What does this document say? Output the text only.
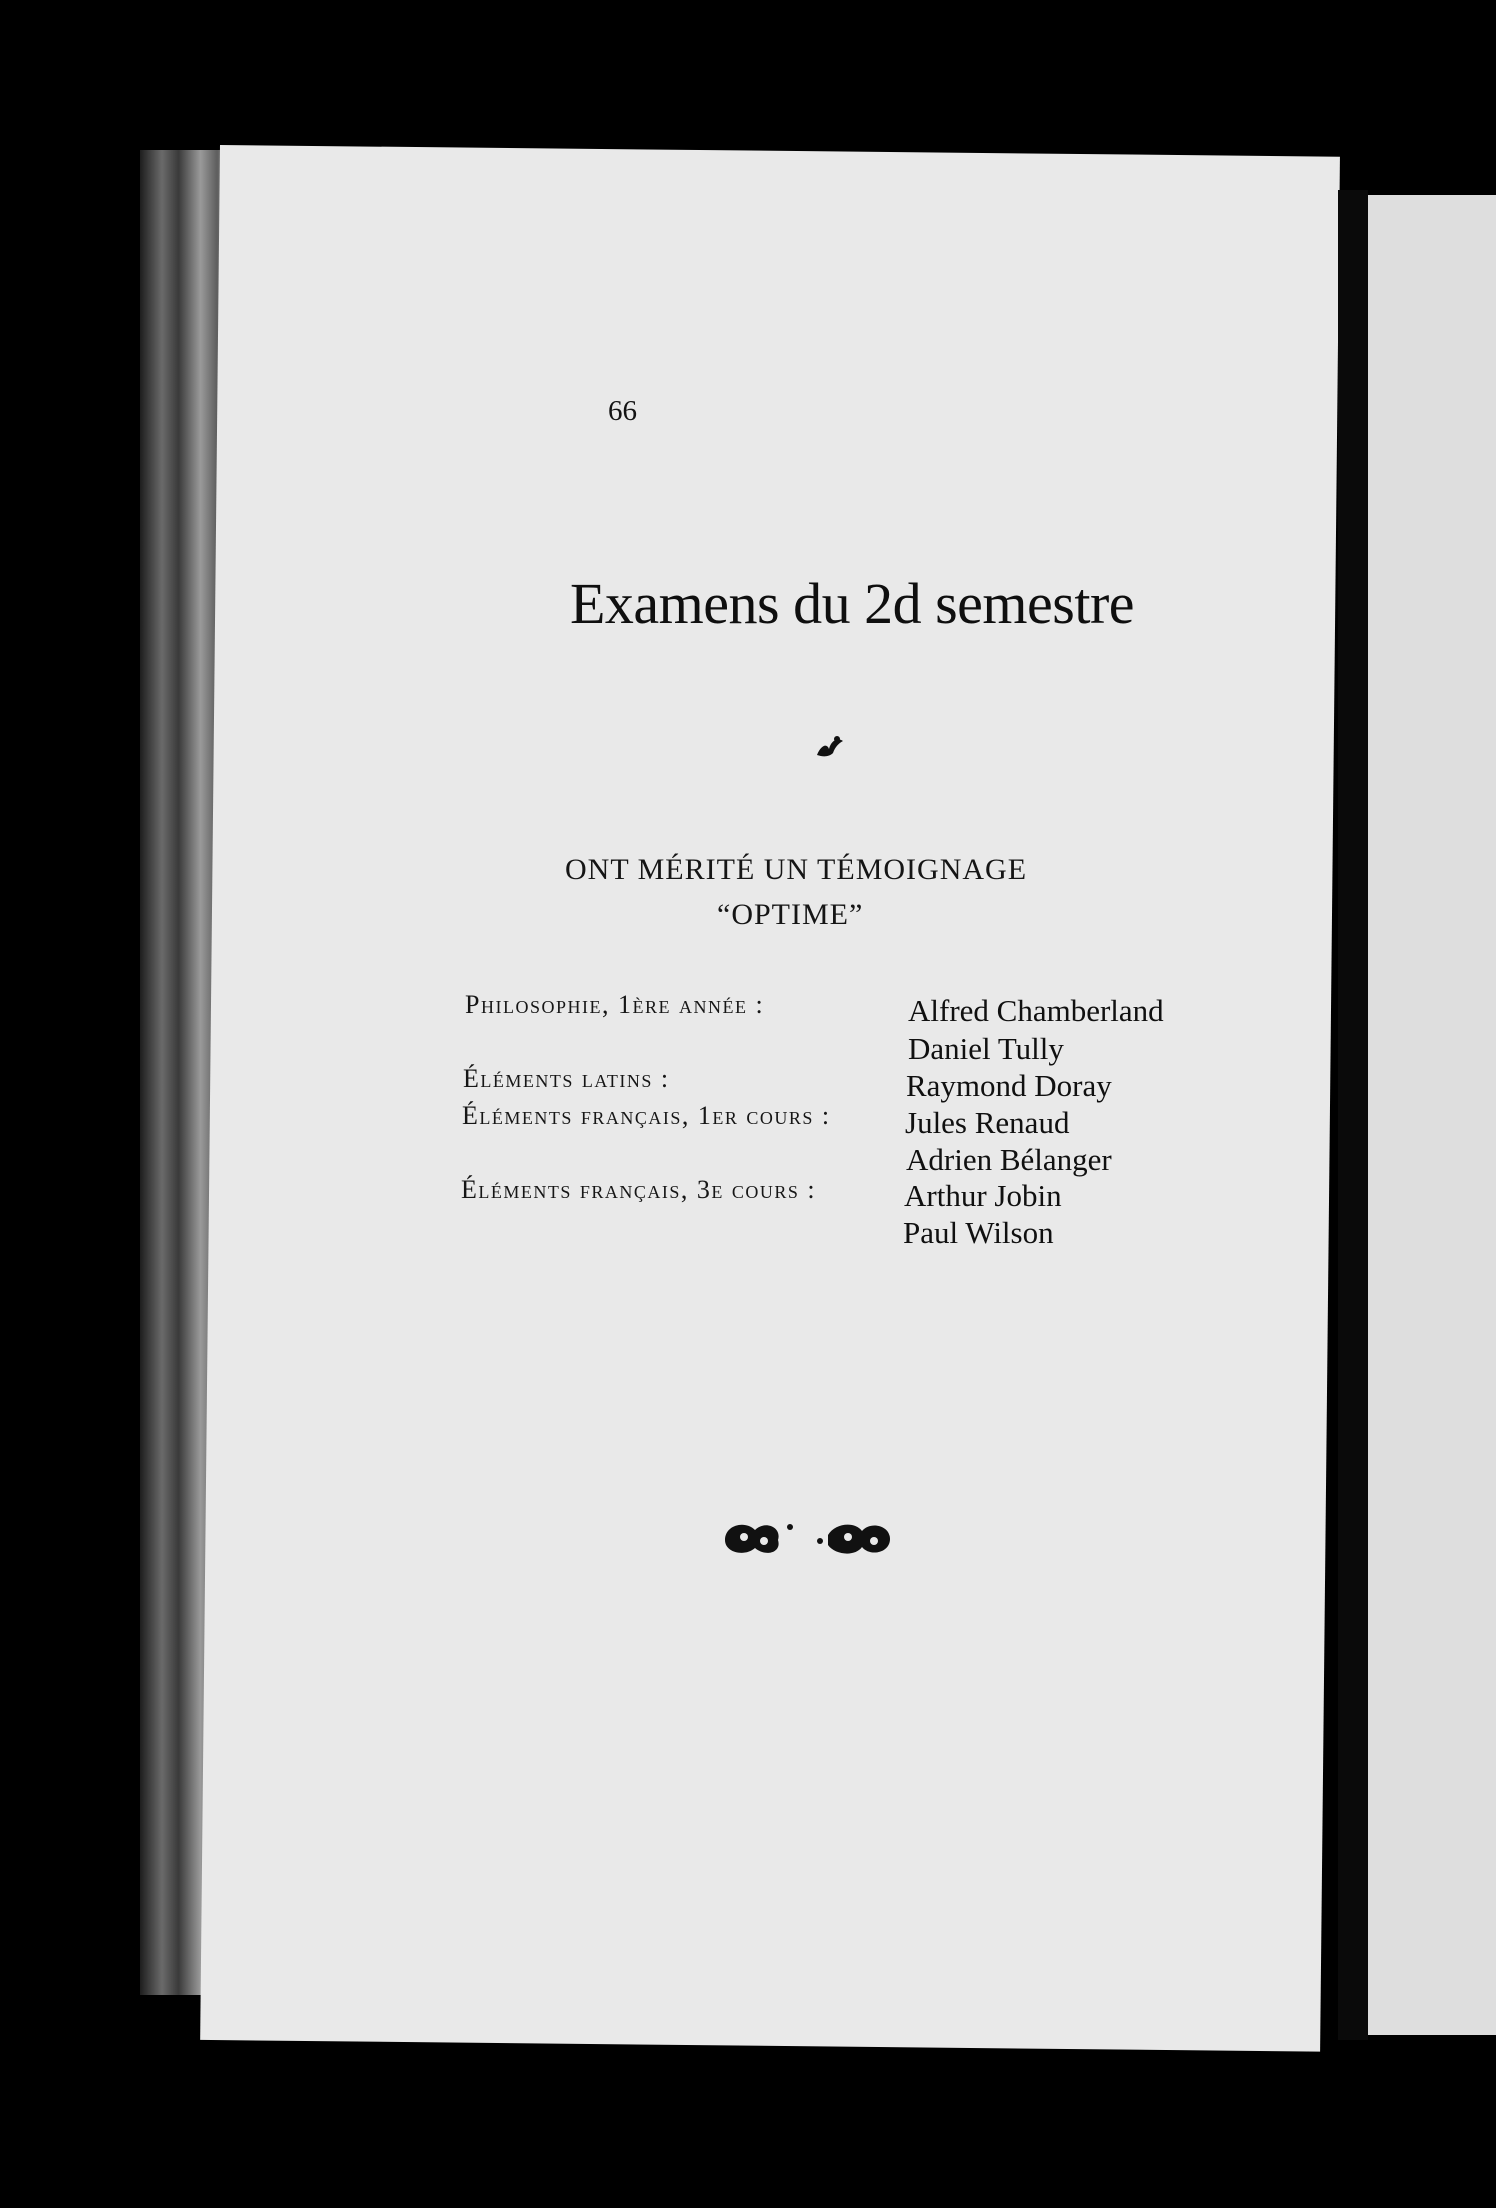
66
Examens du 2d semestre
ONT MÉRITÉ UN TÉMOIGNAGE
“OPTIME”
Philosophie, 1ère année :	Alfred Chamberland
Daniel Tully
Éléments latins :	Raymond Doray
Éléments français, 1er cours : Jules Renaud
Adrien Bélanger
Éléments français, 3e cours :	Arthur Jobin
Paul Wilson
